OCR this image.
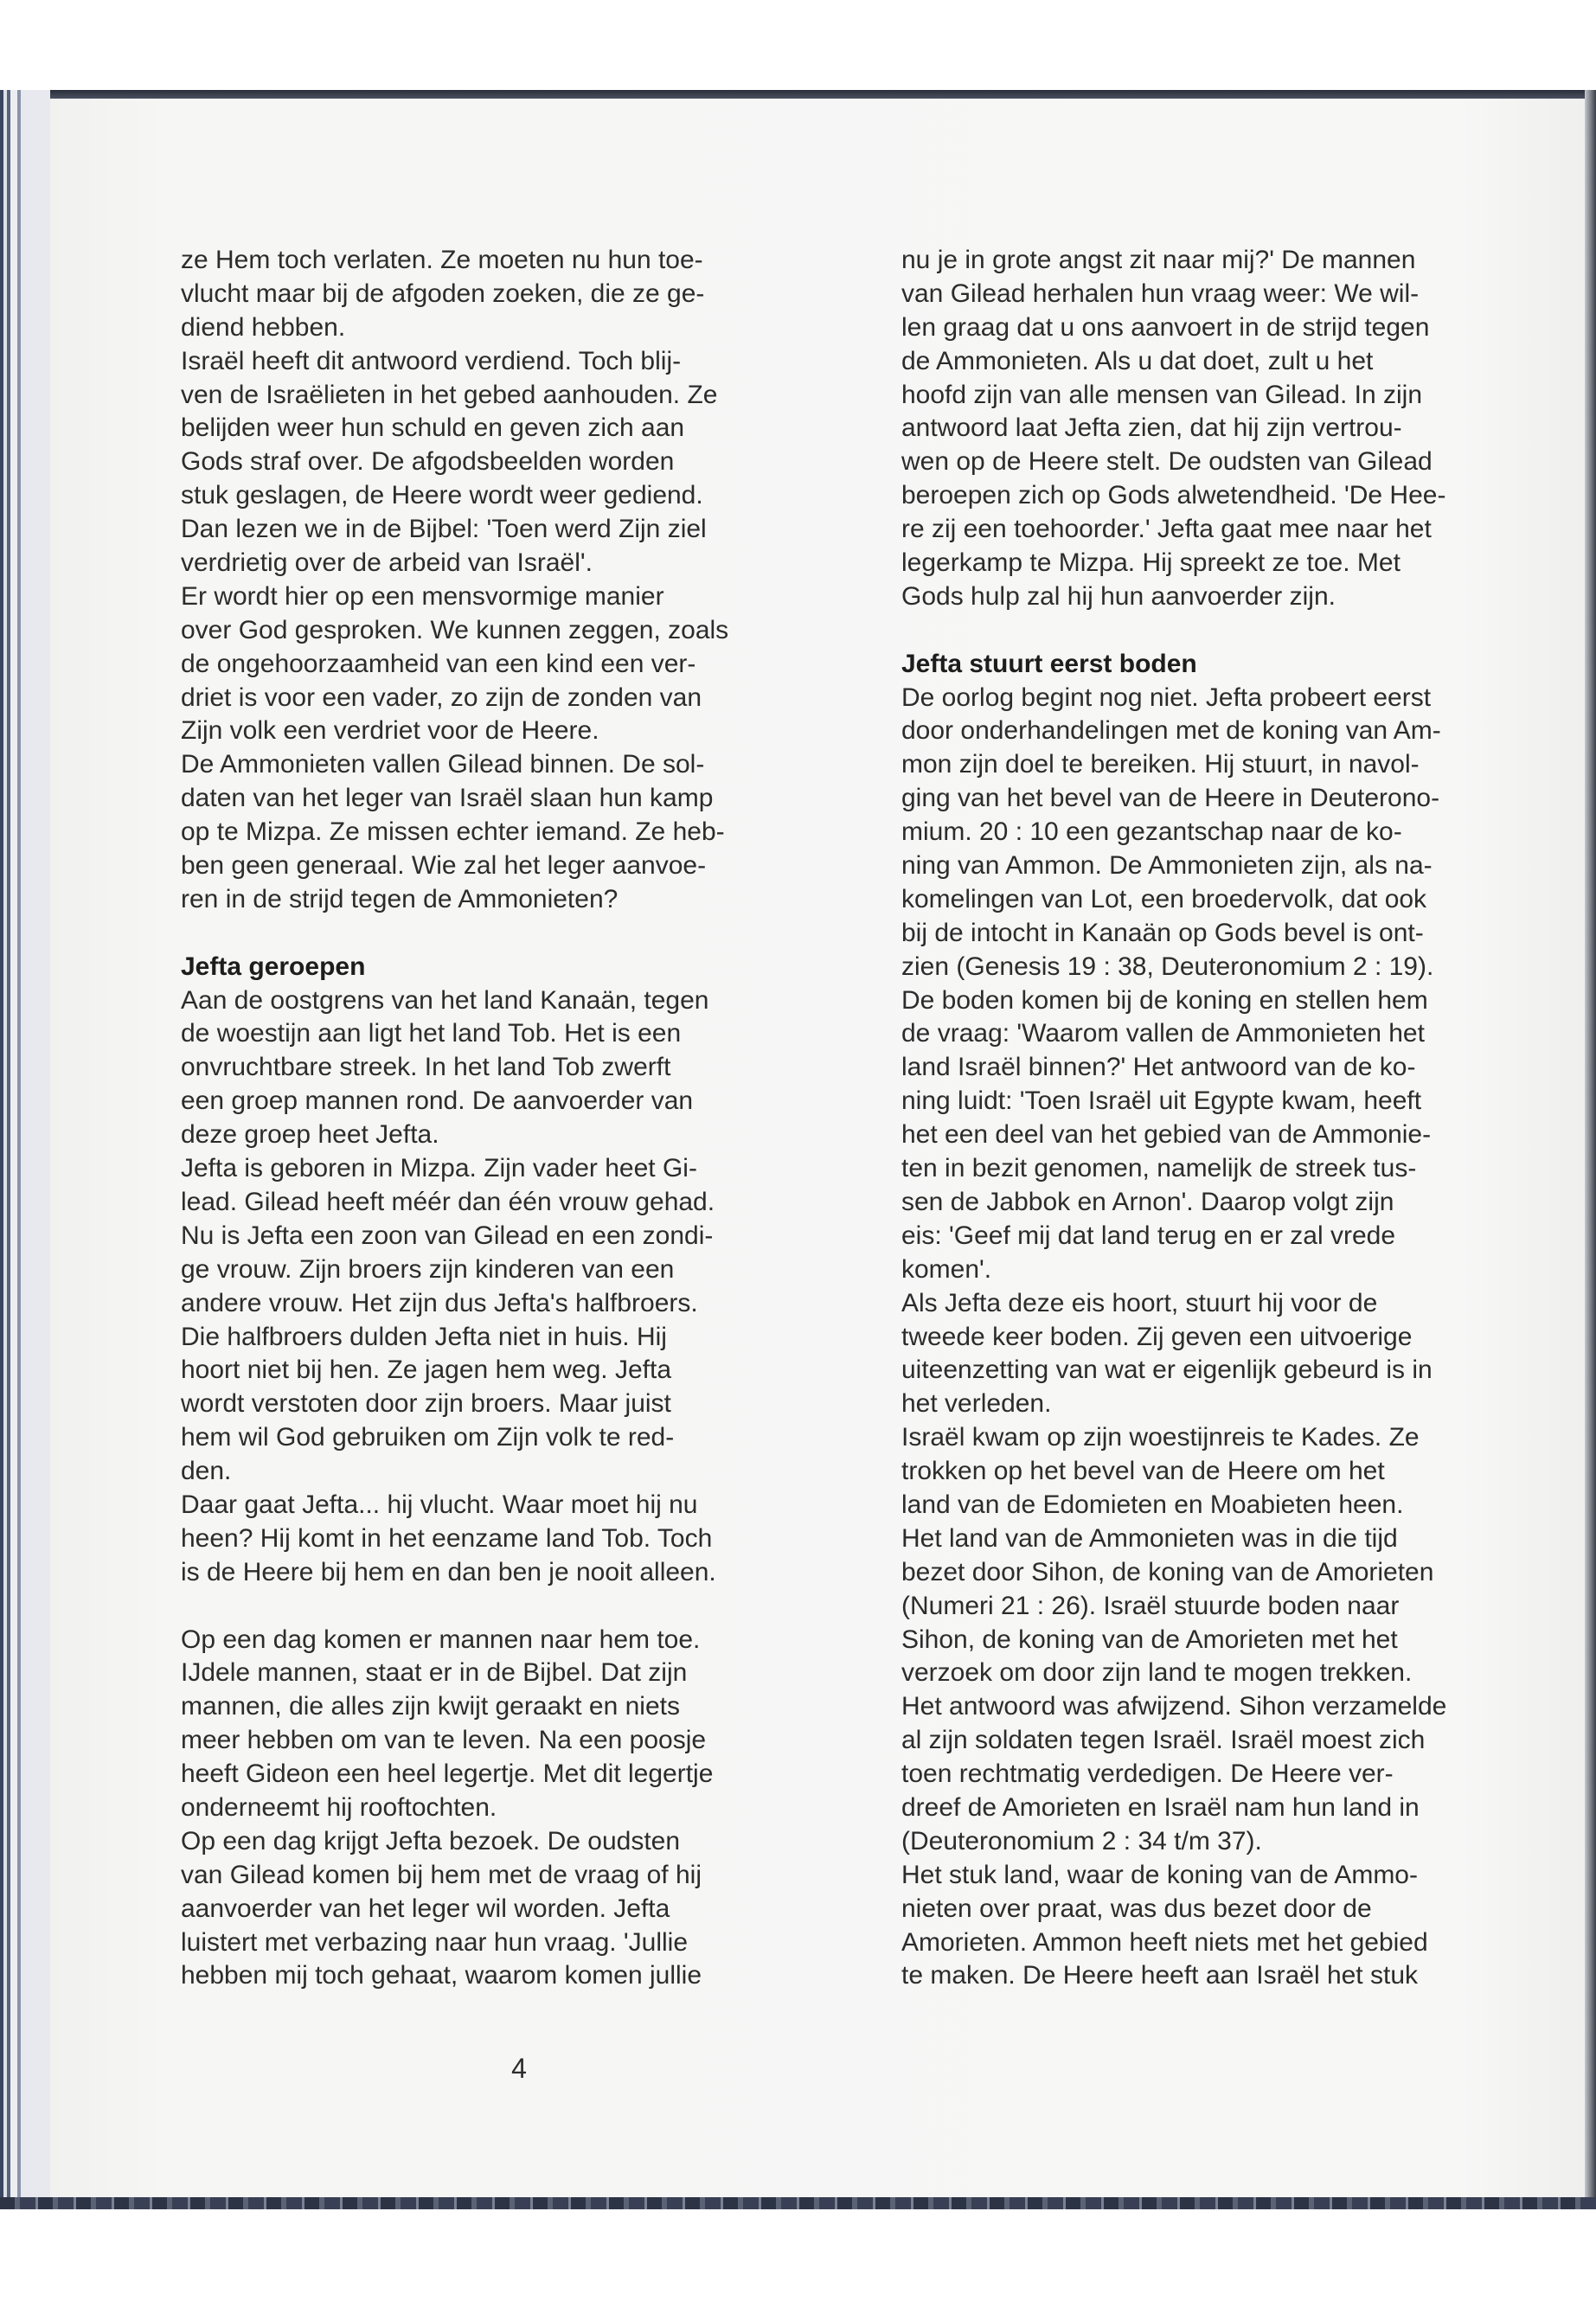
ze Hem toch verlaten. Ze moeten nu hun toe-
vlucht maar bij de afgoden zoeken, die ze ge-
diend hebben.
Israël heeft dit antwoord verdiend. Toch blij-
ven de Israëlieten in het gebed aanhouden. Ze
belijden weer hun schuld en geven zich aan
Gods straf over. De afgodsbeelden worden
stuk geslagen, de Heere wordt weer gediend.
Dan lezen we in de Bijbel: 'Toen werd Zijn ziel
verdrietig over de arbeid van Israël'.
Er wordt hier op een mensvormige manier
over God gesproken. We kunnen zeggen, zoals
de ongehoorzaamheid van een kind een ver-
driet is voor een vader, zo zijn de zonden van
Zijn volk een verdriet voor de Heere.
De Ammonieten vallen Gilead binnen. De sol-
daten van het leger van Israël slaan hun kamp
op te Mizpa. Ze missen echter iemand. Ze heb-
ben geen generaal. Wie zal het leger aanvoe-
ren in de strijd tegen de Ammonieten?
Jefta geroepen
Aan de oostgrens van het land Kanaän, tegen
de woestijn aan ligt het land Tob. Het is een
onvruchtbare streek. In het land Tob zwerft
een groep mannen rond. De aanvoerder van
deze groep heet Jefta.
Jefta is geboren in Mizpa. Zijn vader heet Gi-
lead. Gilead heeft méér dan één vrouw gehad.
Nu is Jefta een zoon van Gilead en een zondi-
ge vrouw. Zijn broers zijn kinderen van een
andere vrouw. Het zijn dus Jefta's halfbroers.
Die halfbroers dulden Jefta niet in huis. Hij
hoort niet bij hen. Ze jagen hem weg. Jefta
wordt verstoten door zijn broers. Maar juist
hem wil God gebruiken om Zijn volk te red-
den.
Daar gaat Jefta... hij vlucht. Waar moet hij nu
heen? Hij komt in het eenzame land Tob. Toch
is de Heere bij hem en dan ben je nooit alleen.
Op een dag komen er mannen naar hem toe.
IJdele mannen, staat er in de Bijbel. Dat zijn
mannen, die alles zijn kwijt geraakt en niets
meer hebben om van te leven. Na een poosje
heeft Gideon een heel legertje. Met dit legertje
onderneemt hij rooftochten.
Op een dag krijgt Jefta bezoek. De oudsten
van Gilead komen bij hem met de vraag of hij
aanvoerder van het leger wil worden. Jefta
luistert met verbazing naar hun vraag. 'Jullie
hebben mij toch gehaat, waarom komen jullie
nu je in grote angst zit naar mij?' De mannen
van Gilead herhalen hun vraag weer: We wil-
len graag dat u ons aanvoert in de strijd tegen
de Ammonieten. Als u dat doet, zult u het
hoofd zijn van alle mensen van Gilead. In zijn
antwoord laat Jefta zien, dat hij zijn vertrou-
wen op de Heere stelt. De oudsten van Gilead
beroepen zich op Gods alwetendheid. 'De Hee-
re zij een toehoorder.' Jefta gaat mee naar het
legerkamp te Mizpa. Hij spreekt ze toe. Met
Gods hulp zal hij hun aanvoerder zijn.
Jefta stuurt eerst boden
De oorlog begint nog niet. Jefta probeert eerst
door onderhandelingen met de koning van Am-
mon zijn doel te bereiken. Hij stuurt, in navol-
ging van het bevel van de Heere in Deuterono-
mium. 20 : 10 een gezantschap naar de ko-
ning van Ammon. De Ammonieten zijn, als na-
komelingen van Lot, een broedervolk, dat ook
bij de intocht in Kanaän op Gods bevel is ont-
zien (Genesis 19 : 38, Deuteronomium 2 : 19).
De boden komen bij de koning en stellen hem
de vraag: 'Waarom vallen de Ammonieten het
land Israël binnen?' Het antwoord van de ko-
ning luidt: 'Toen Israël uit Egypte kwam, heeft
het een deel van het gebied van de Ammonie-
ten in bezit genomen, namelijk de streek tus-
sen de Jabbok en Arnon'. Daarop volgt zijn
eis: 'Geef mij dat land terug en er zal vrede
komen'.
Als Jefta deze eis hoort, stuurt hij voor de
tweede keer boden. Zij geven een uitvoerige
uiteenzetting van wat er eigenlijk gebeurd is in
het verleden.
Israël kwam op zijn woestijnreis te Kades. Ze
trokken op het bevel van de Heere om het
land van de Edomieten en Moabieten heen.
Het land van de Ammonieten was in die tijd
bezet door Sihon, de koning van de Amorieten
(Numeri 21 : 26). Israël stuurde boden naar
Sihon, de koning van de Amorieten met het
verzoek om door zijn land te mogen trekken.
Het antwoord was afwijzend. Sihon verzamelde
al zijn soldaten tegen Israël. Israël moest zich
toen rechtmatig verdedigen. De Heere ver-
dreef de Amorieten en Israël nam hun land in
(Deuteronomium 2 : 34 t/m 37).
Het stuk land, waar de koning van de Ammo-
nieten over praat, was dus bezet door de
Amorieten. Ammon heeft niets met het gebied
te maken. De Heere heeft aan Israël het stuk
4
